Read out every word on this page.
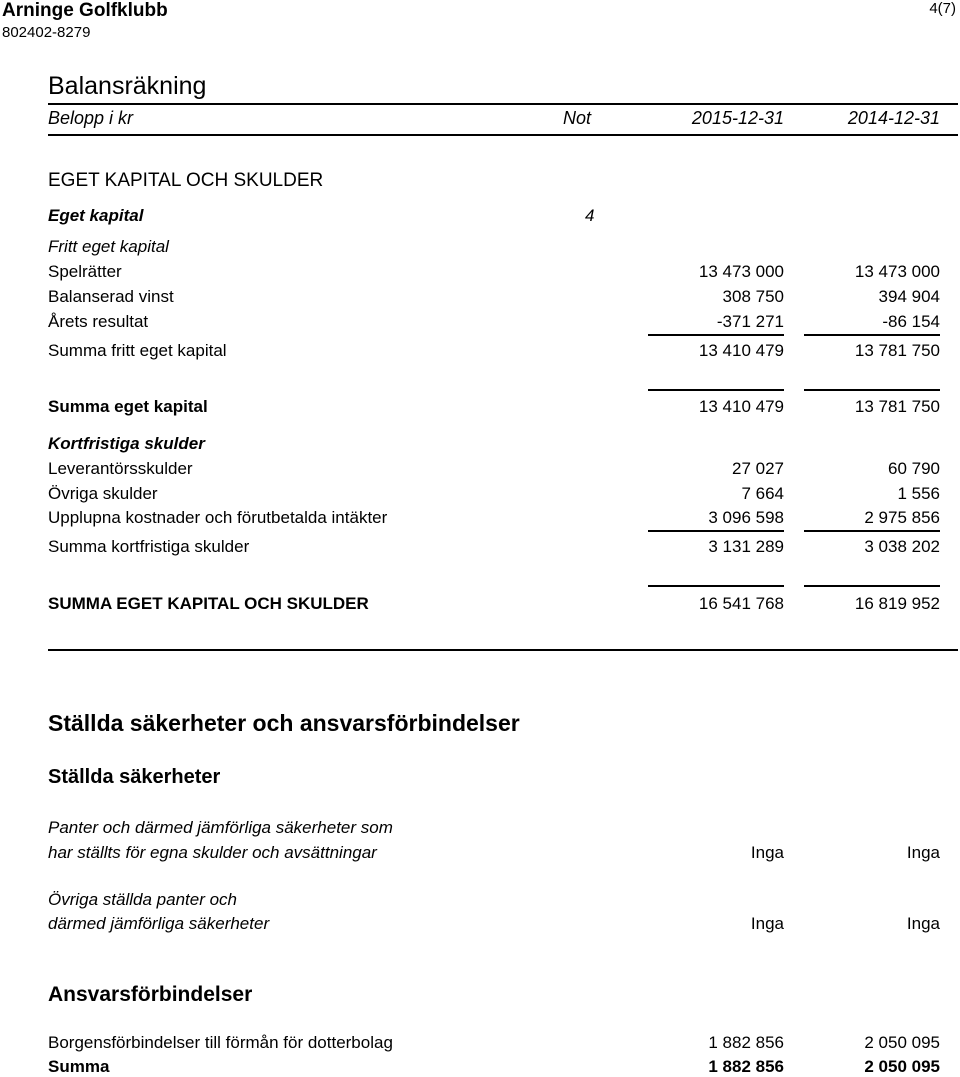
Arninge Golfklubb
802402-8279
4(7)
Balansräkning
Belopp i kr	Not	2015-12-31	2014-12-31
EGET KAPITAL OCH SKULDER
Eget kapital	4
Fritt eget kapital
Spelrätter	13 473 000	13 473 000
Balanserad vinst	308 750	394 904
Årets resultat	-371 271	-86 154
Summa fritt eget kapital	13 410 479	13 781 750
Summa eget kapital	13 410 479	13 781 750
Kortfristiga skulder
Leverantörsskulder	27 027	60 790
Övriga skulder	7 664	1 556
Upplupna kostnader och förutbetalda intäkter	3 096 598	2 975 856
Summa kortfristiga skulder	3 131 289	3 038 202
SUMMA EGET KAPITAL OCH SKULDER	16 541 768	16 819 952
Ställda säkerheter och ansvarsförbindelser
Ställda säkerheter
Panter och därmed jämförliga säkerheter som
har ställts för egna skulder och avsättningar	Inga	Inga
Övriga ställda panter och
därmed jämförliga säkerheter	Inga	Inga
Ansvarsförbindelser
Borgensförbindelser till förmån för dotterbolag	1 882 856	2 050 095
Summa	1 882 856	2 050 095
